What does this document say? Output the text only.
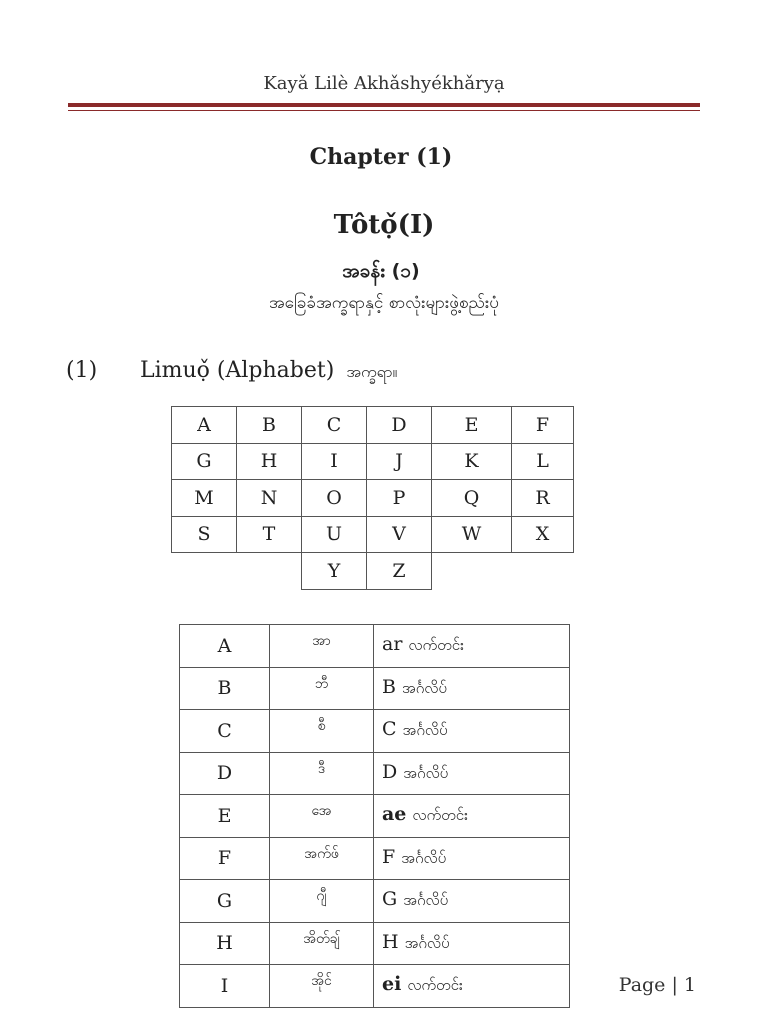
Kayǎ Lilè Akhǎshyékhǎryạ
Chapter (1)
Tôtọ̌(I)
အခန်း (၁)
အခြေခံအက္ခရာနှင့် စာလုံးများဖွဲ့စည်းပုံ
(1)	Limuọ̌ (Alphabet) အက္ခရာ။
A	B	C	D	E	F
G	H	I	J	K	L
M	N	O	P	Q	R
S	T	U	V	W	X
		Y	Z		
A	အာ	ar လက်တင်း
B	ဘီ	B အင်္ဂလိပ်
C	စီ	C အင်္ဂလိပ်
D	ဒီ	D အင်္ဂလိပ်
E	အေ	ae လက်တင်း
F	အက်ဖ်	F အင်္ဂလိပ်
G	ဂျီ	G အင်္ဂလိပ်
H	အိတ်ချ်	H အင်္ဂလိပ်
I	အိုင်	ei လက်တင်း	Page | 1
